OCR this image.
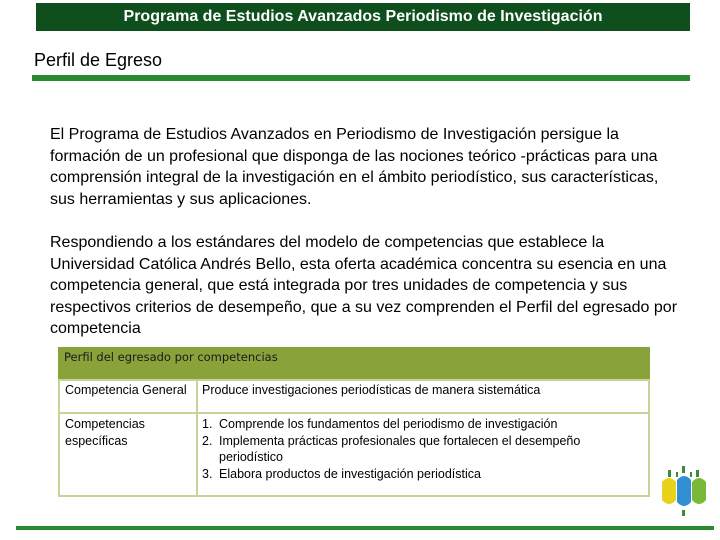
Programa de Estudios Avanzados Periodismo de Investigación
Perfil de Egreso
El Programa de Estudios Avanzados en Periodismo de Investigación persigue la formación de un profesional que disponga de las nociones teórico -prácticas para una comprensión integral de la investigación en el ámbito periodístico, sus características, sus herramientas y sus aplicaciones.
Respondiendo a los estándares del modelo de competencias que establece la Universidad Católica Andrés Bello, esta oferta académica concentra su esencia en una competencia general, que está integrada por tres unidades de competencia y sus respectivos criterios de desempeño, que a su vez comprenden el Perfil del egresado por competencia
Perfil del egresado por competencias
Competencia General	Produce investigaciones periodísticas de manera sistemática
Competencias específicas
1. Comprende los fundamentos del periodismo de investigación
2. Implementa prácticas profesionales que fortalecen el desempeño periodístico
3. Elabora productos de investigación periodística
